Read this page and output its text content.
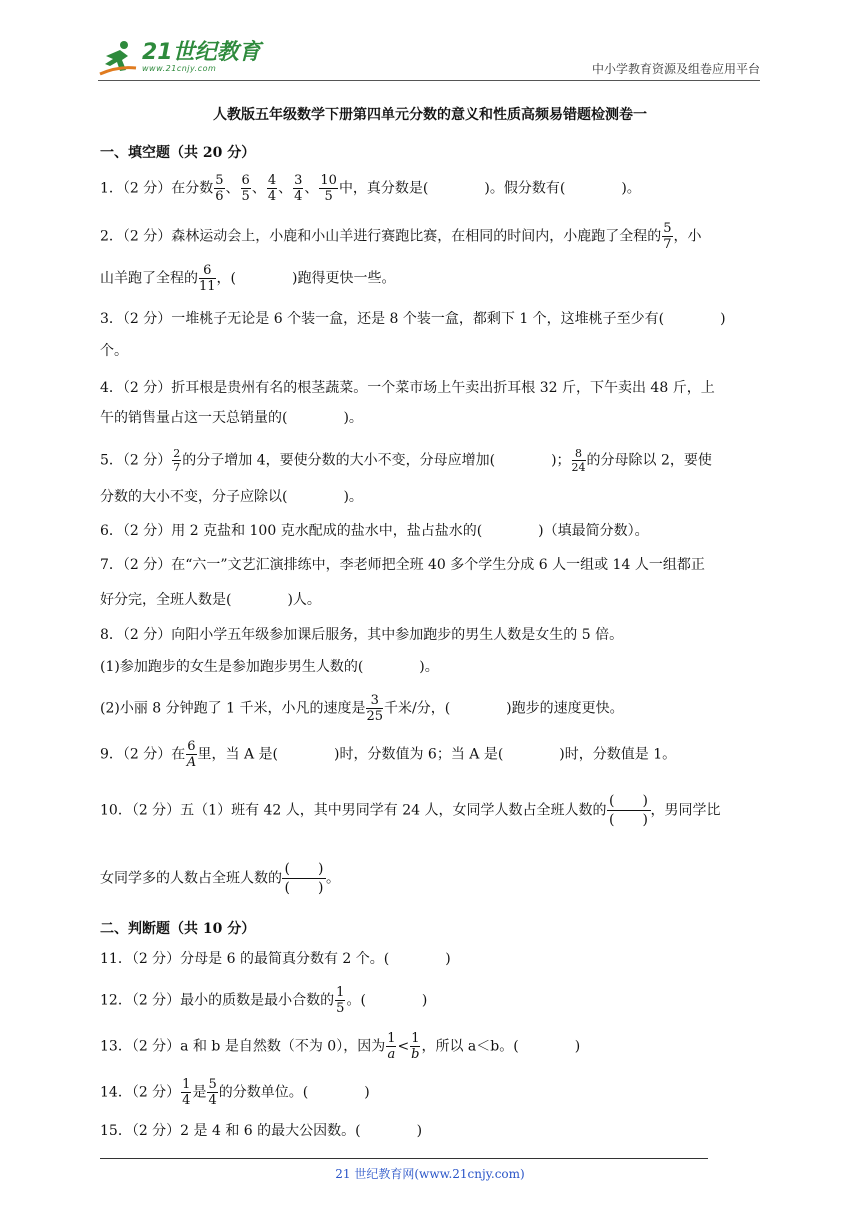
21世纪教育
www.21cnjy.com	中小学教育资源及组卷应用平台
人教版五年级数学下册第四单元分数的意义和性质高频易错题检测卷一
一、填空题（共 20 分）
1．（2 分）在分数 $\frac{5}{6}$ 、 $\frac{6}{5}$ 、 $\frac{4}{4}$ 、 $\frac{3}{4}$ 、 $\frac{10}{5}$ 中，真分数是(　　　　)。假分数有(　　　　)。
2．（2 分）森林运动会上，小鹿和小山羊进行赛跑比赛，在相同的时间内，小鹿跑了全程的 $\frac{5}{7}$ ，小
山羊跑了全程的 $\frac{6}{11}$ ，(　　　　)跑得更快一些。
3．（2 分）一堆桃子无论是 6 个装一盒，还是 8 个装一盒，都剩下 1 个，这堆桃子至少有(　　　　)
个。
4．（2 分）折耳根是贵州有名的根茎蔬菜。一个菜市场上午卖出折耳根 32 斤，下午卖出 48 斤，上
午的销售量占这一天总销量的(　　　　)。
5．（2 分） $\frac{2}{7}$ 的分子增加 4，要使分数的大小不变，分母应增加(　　　　)； $\frac{8}{24}$ 的分母除以 2，要使
分数的大小不变，分子应除以(　　　　)。
6．（2 分）用 2 克盐和 100 克水配成的盐水中，盐占盐水的(　　　　)（填最简分数）。
7．（2 分）在“六一”文艺汇演排练中，李老师把全班 40 多个学生分成 6 人一组或 14 人一组都正
好分完，全班人数是(　　　　)人。
8．（2 分）向阳小学五年级参加课后服务，其中参加跑步的男生人数是女生的 5 倍。
(1)参加跑步的女生是参加跑步男生人数的(　　　　)。
(2)小丽 8 分钟跑了 1 千米，小凡的速度是 $\frac{3}{25}$ 千米/分，(　　　　)跑步的速度更快。
9．（2 分）在 $\frac{6}{A}$ 里，当 A 是(　　　　)时，分数值为 6；当 A 是(　　　　)时，分数值是 1。
10．（2 分）五（1）班有 42 人，其中男同学有 24 人，女同学人数占全班人数的
(　　)
(　　)
，男同学比
女同学多的人数占全班人数的
(　　)
(　　)
。
二、判断题（共 10 分）
11．（2 分）分母是 6 的最简真分数有 2 个。(　　　　)
12．（2 分）最小的质数是最小合数的 $\frac{1}{5}$ 。(　　　　)
13．（2 分）a 和 b 是自然数（不为 0），因为 $\frac{1}{a} < \frac{1}{b}$ ，所以 a＜b。(　　　　)
14．（2 分） $\frac{1}{4}$ 是 $\frac{5}{4}$ 的分数单位。(　　　　)
15．（2 分）2 是 4 和 6 的最大公因数。(　　　　)
21 世纪教育网(www.21cnjy.com)
